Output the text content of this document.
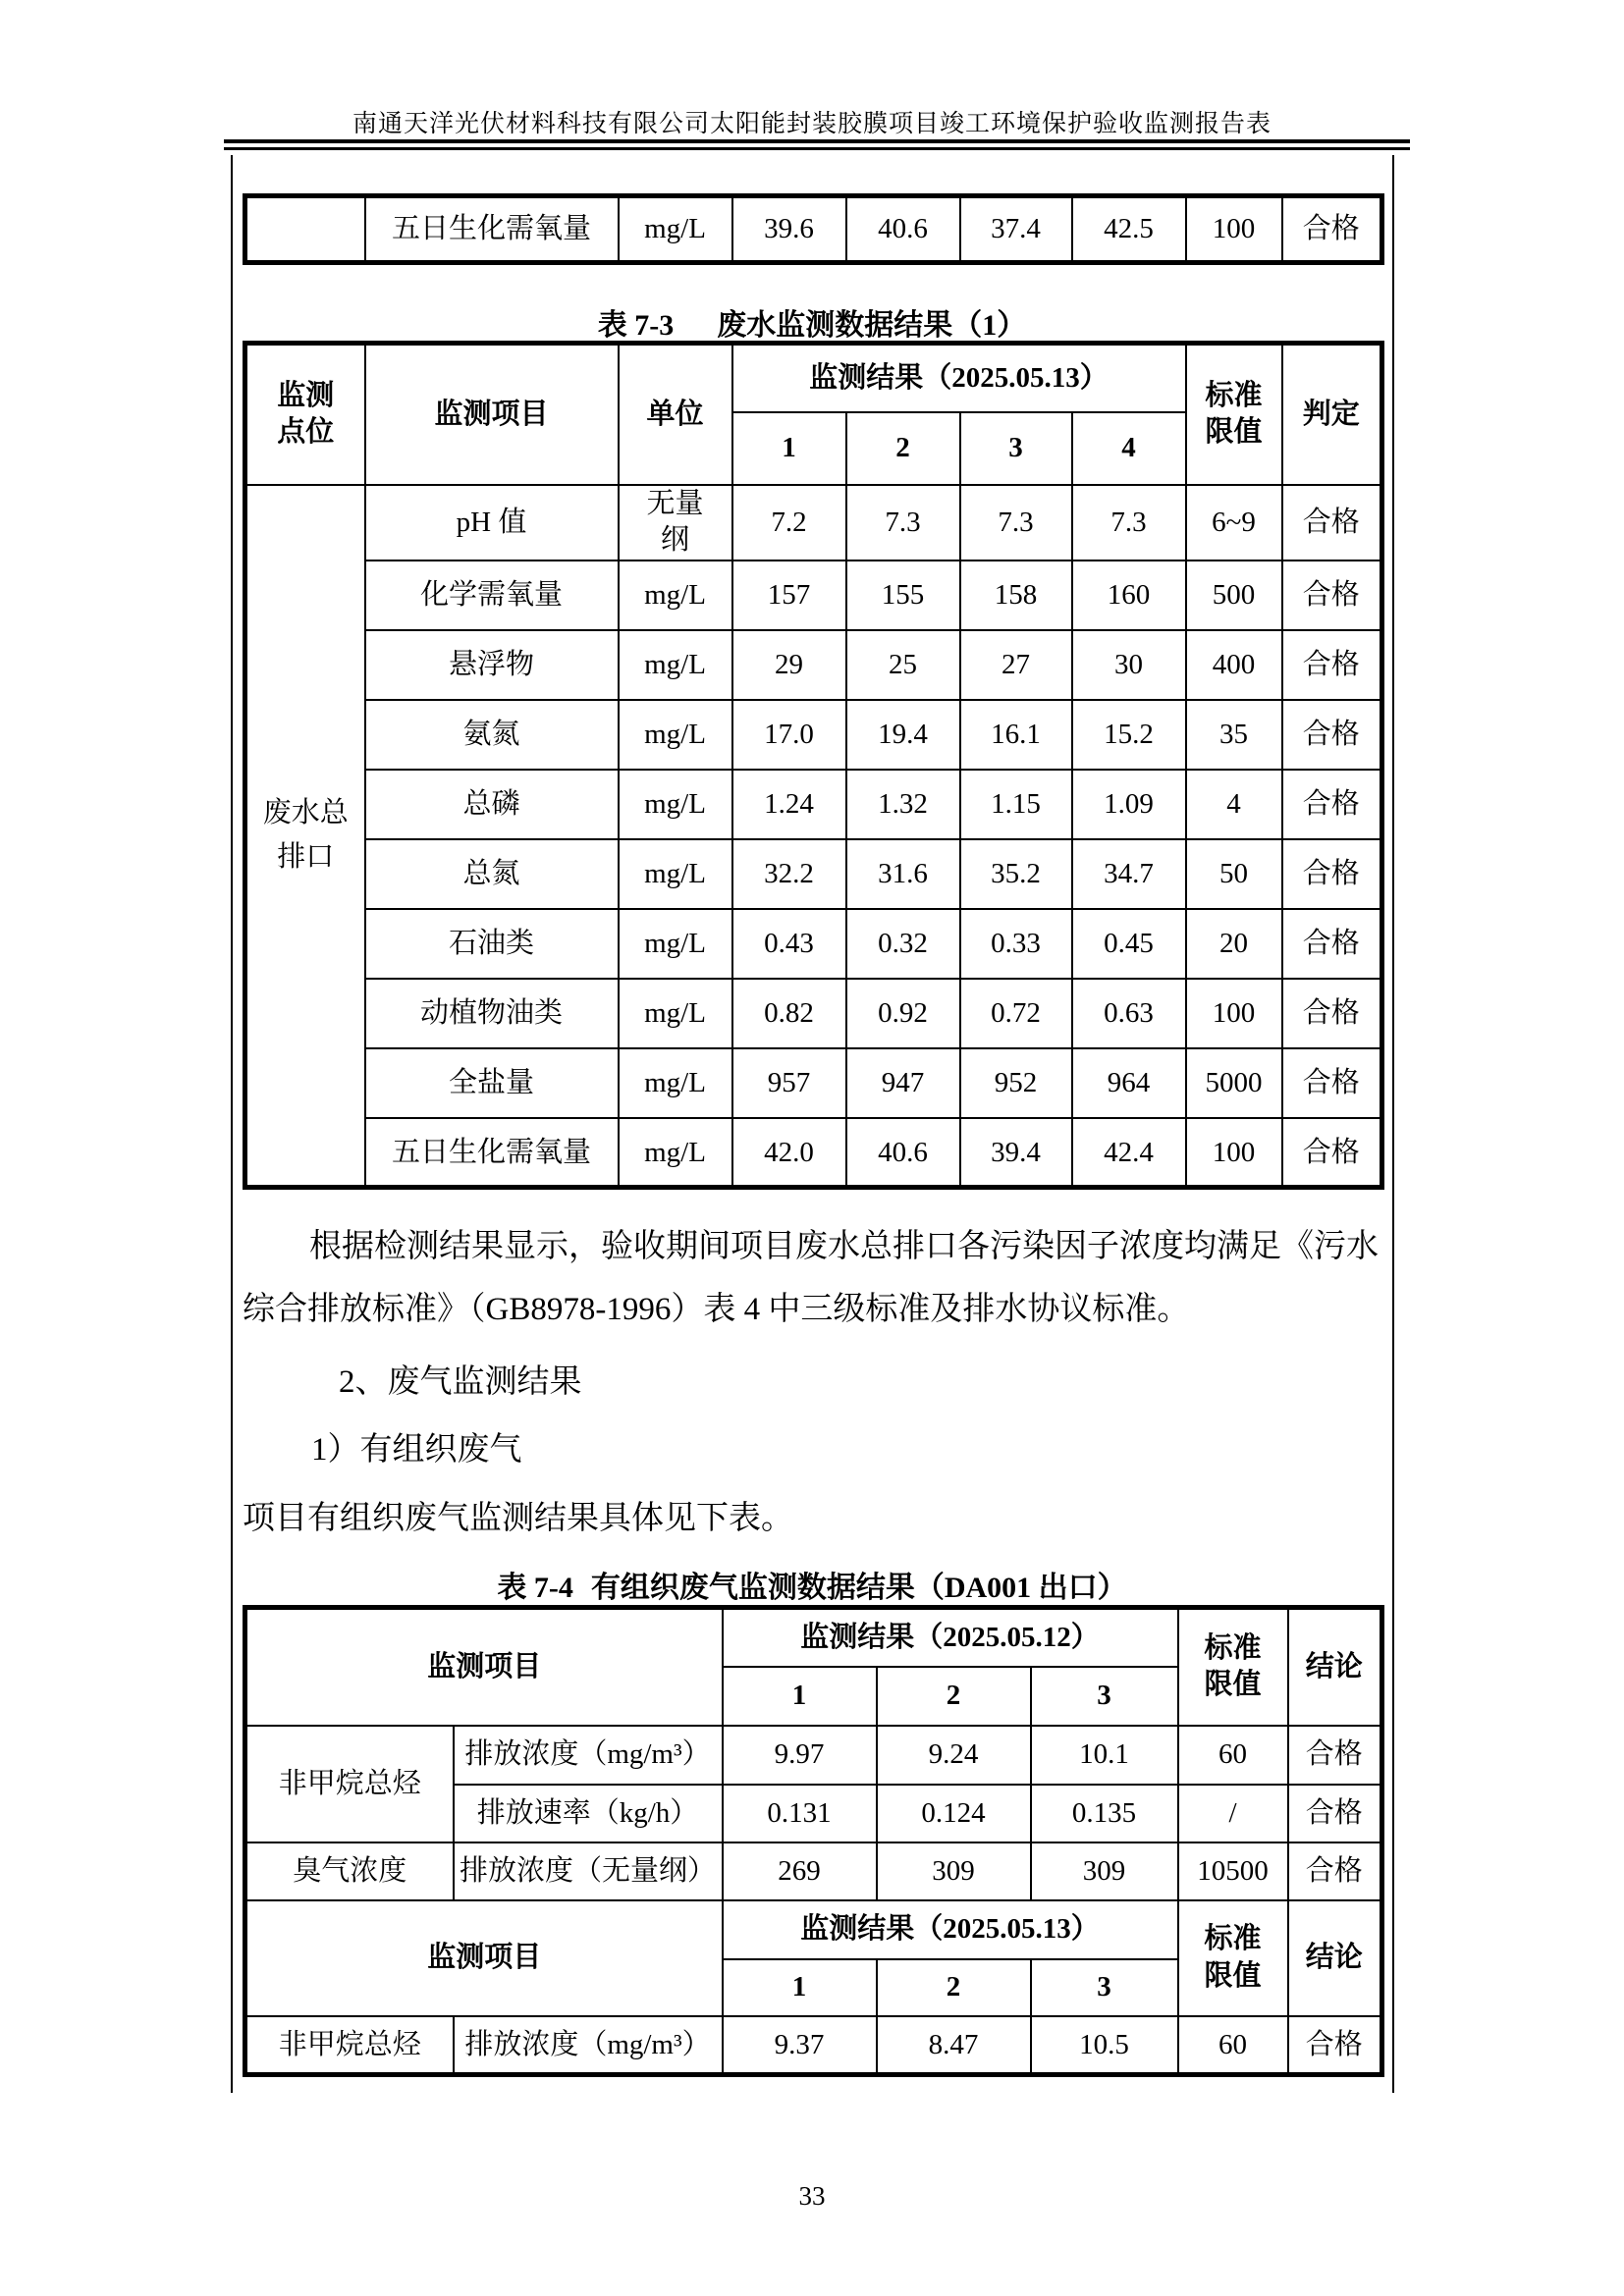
南通天洋光伏材料科技有限公司太阳能封装胶膜项目竣工环境保护验收监测报告表
	五日生化需氧量	mg/L	39.6	40.6	37.4	42.5	100	合格
表 7-3 废水监测数据结果（1）
监测点位	监测项目	单位	监测结果（2025.05.13）				标准限值	判定
			1	2	3	4		
废水总排口	pH 值	无量纲	7.2	7.3	7.3	7.3	6~9	合格
	化学需氧量	mg/L	157	155	158	160	500	合格
	悬浮物	mg/L	29	25	27	30	400	合格
	氨氮	mg/L	17.0	19.4	16.1	15.2	35	合格
	总磷	mg/L	1.24	1.32	1.15	1.09	4	合格
	总氮	mg/L	32.2	31.6	35.2	34.7	50	合格
	石油类	mg/L	0.43	0.32	0.33	0.45	20	合格
	动植物油类	mg/L	0.82	0.92	0.72	0.63	100	合格
	全盐量	mg/L	957	947	952	964	5000	合格
	五日生化需氧量	mg/L	42.0	40.6	39.4	42.4	100	合格
根据检测结果显示，验收期间项目废水总排口各污染因子浓度均满足《污水
综合排放标准》（GB8978-1996）表 4 中三级标准及排水协议标准。
2、废气监测结果
1）有组织废气
项目有组织废气监测结果具体见下表。
表 7-4 有组织废气监测数据结果（DA001 出口）
监测项目		监测结果（2025.05.12）			标准限值	结论
		1	2	3		
非甲烷总烃	排放浓度（mg/m³）	9.97	9.24	10.1	60	合格
	排放速率（kg/h）	0.131	0.124	0.135	/	合格
臭气浓度	排放浓度（无量纲）	269	309	309	10500	合格
监测项目		监测结果（2025.05.13）			标准限值	结论
		1	2	3		
非甲烷总烃	排放浓度（mg/m³）	9.37	8.47	10.5	60	合格
33
